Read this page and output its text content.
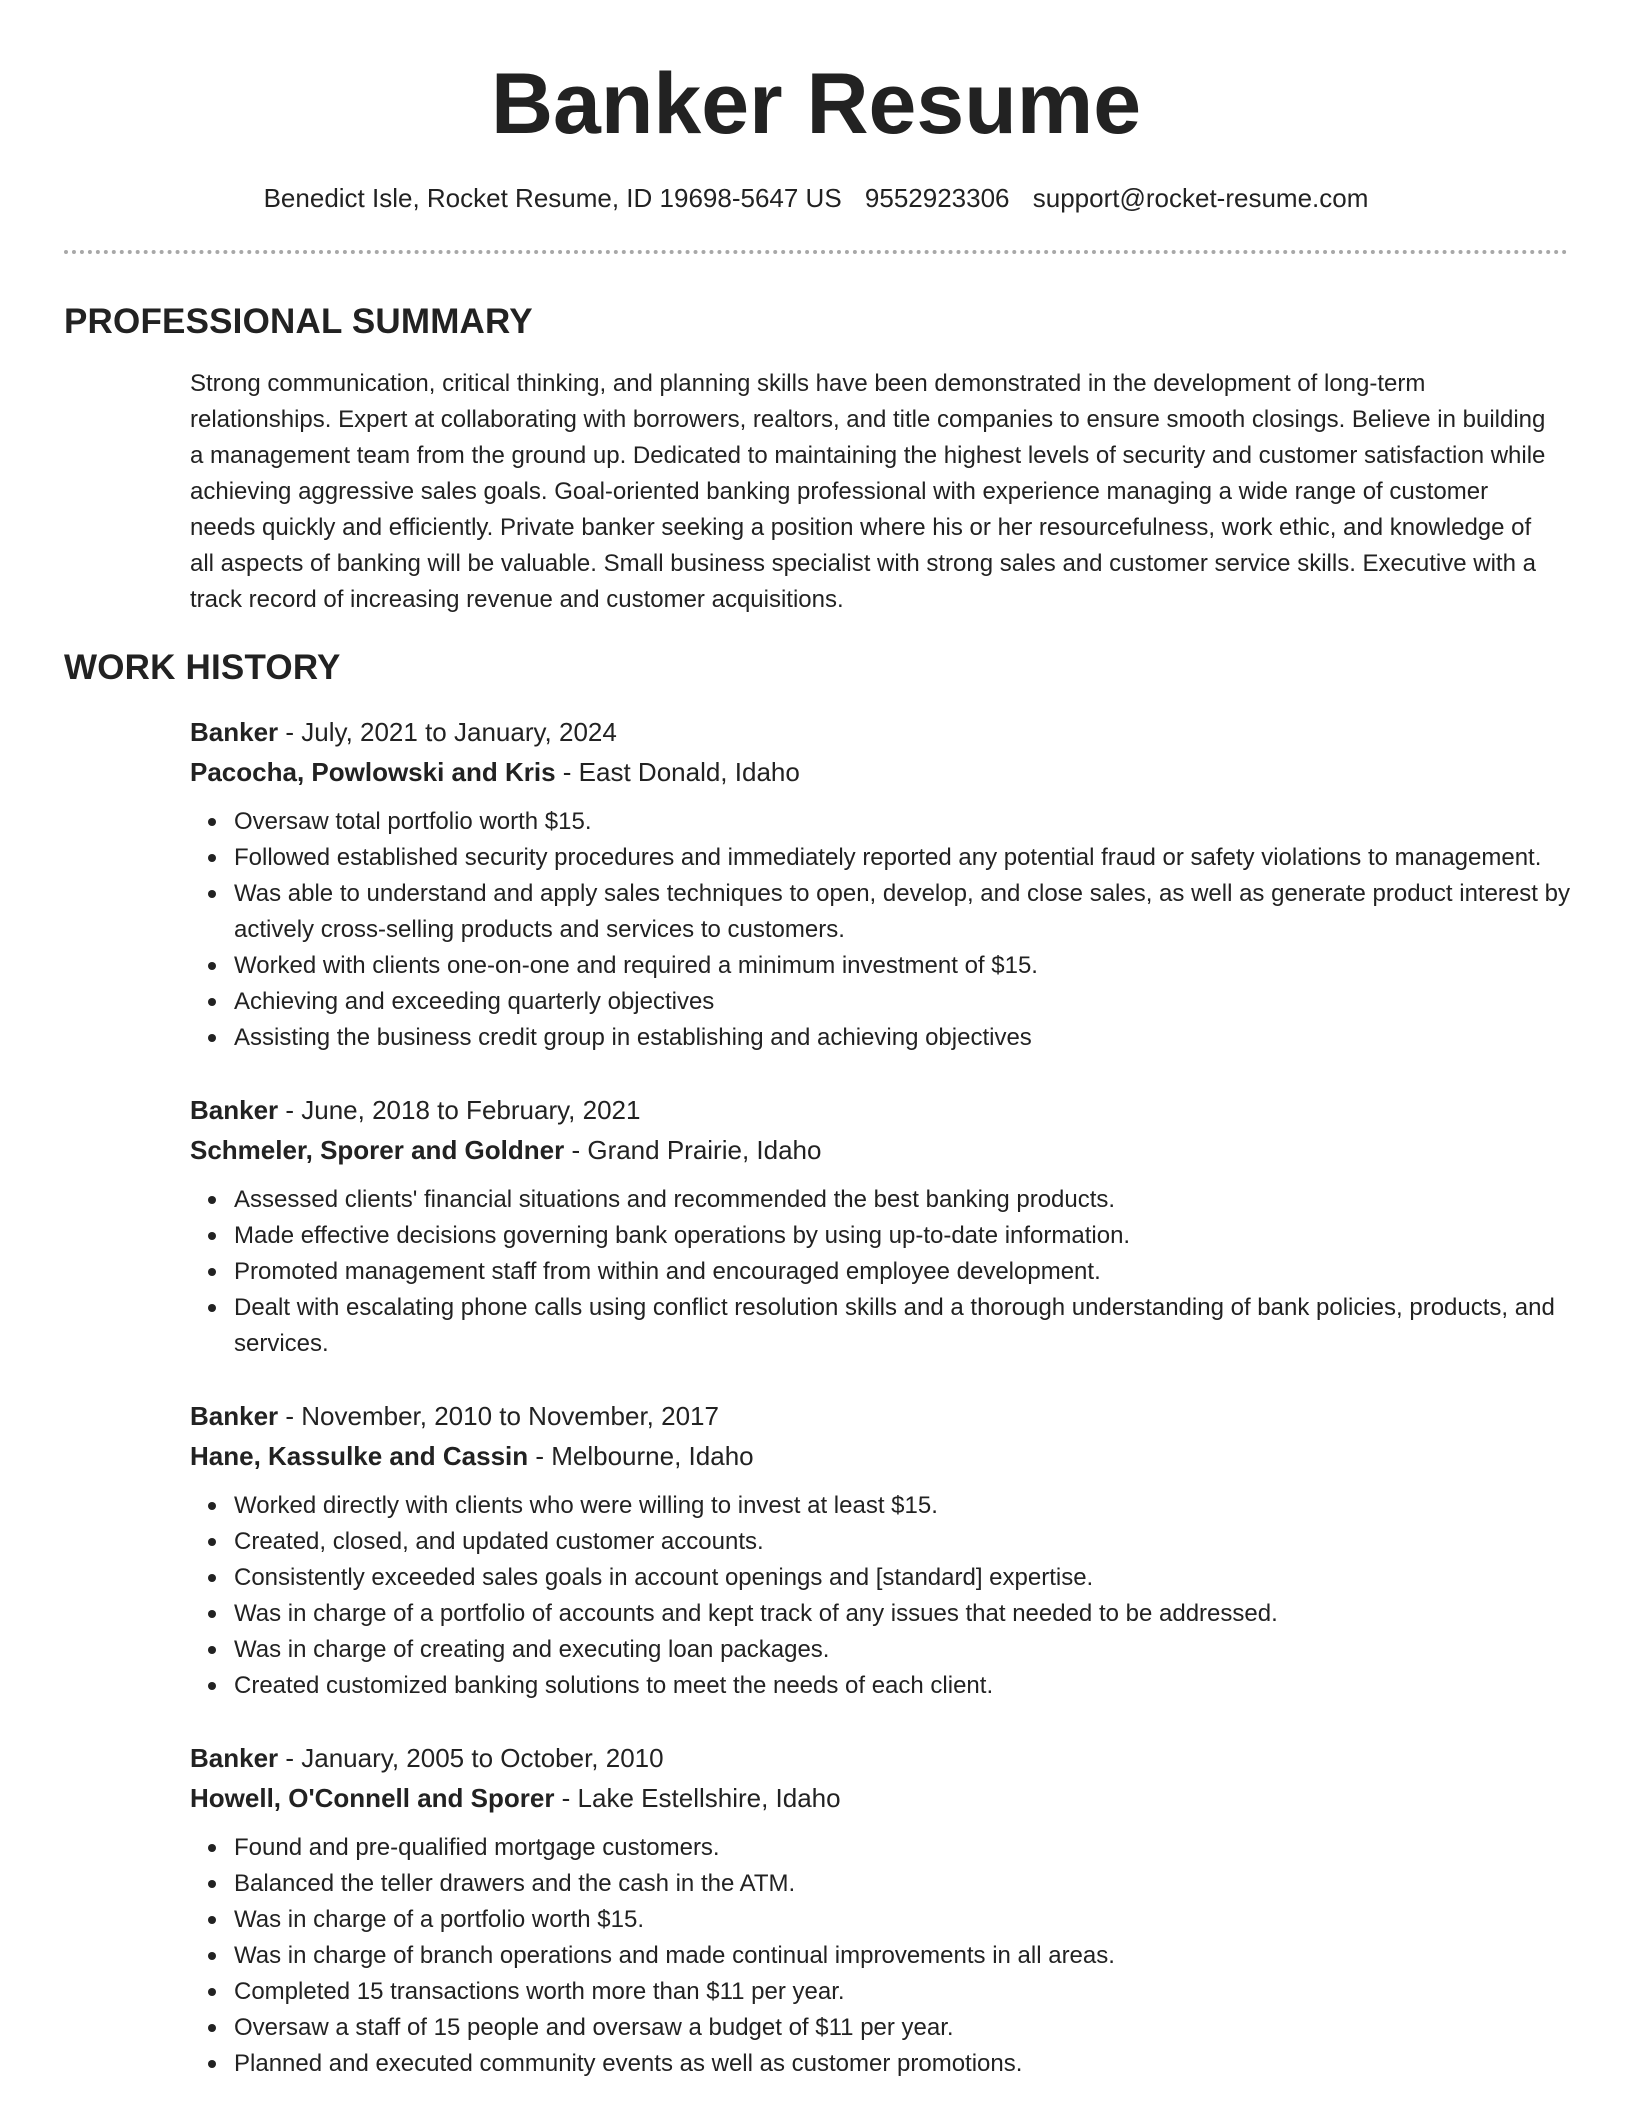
Banker Resume
Benedict Isle, Rocket Resume, ID 19698-5647 US 9552923306 support@rocket-resume.com
PROFESSIONAL SUMMARY

Strong communication, critical thinking, and planning skills have been demonstrated in the development of long-term relationships. Expert at collaborating with borrowers, realtors, and title companies to ensure smooth closings. Believe in building a management team from the ground up. Dedicated to maintaining the highest levels of security and customer satisfaction while achieving aggressive sales goals. Goal-oriented banking professional with experience managing a wide range of customer needs quickly and efficiently. Private banker seeking a position where his or her resourcefulness, work ethic, and knowledge of all aspects of banking will be valuable. Small business specialist with strong sales and customer service skills. Executive with a track record of increasing revenue and customer acquisitions.

WORK HISTORY
Banker - July, 2021 to January, 2024
Pacocha, Powlowski and Kris - East Donald, Idaho
Oversaw total portfolio worth $15.
Followed established security procedures and immediately reported any potential fraud or safety violations to management.
Was able to understand and apply sales techniques to open, develop, and close sales, as well as generate product interest by actively cross-selling products and services to customers.
Worked with clients one-on-one and required a minimum investment of $15.
Achieving and exceeding quarterly objectives
Assisting the business credit group in establishing and achieving objectives
Banker - June, 2018 to February, 2021
Schmeler, Sporer and Goldner - Grand Prairie, Idaho
Assessed clients' financial situations and recommended the best banking products.
Made effective decisions governing bank operations by using up-to-date information.
Promoted management staff from within and encouraged employee development.
Dealt with escalating phone calls using conflict resolution skills and a thorough understanding of bank policies, products, and services.
Banker - November, 2010 to November, 2017
Hane, Kassulke and Cassin - Melbourne, Idaho
Worked directly with clients who were willing to invest at least $15.
Created, closed, and updated customer accounts.
Consistently exceeded sales goals in account openings and [standard] expertise.
Was in charge of a portfolio of accounts and kept track of any issues that needed to be addressed.
Was in charge of creating and executing loan packages.
Created customized banking solutions to meet the needs of each client.
Banker - January, 2005 to October, 2010
Howell, O'Connell and Sporer - Lake Estellshire, Idaho
Found and pre-qualified mortgage customers.
Balanced the teller drawers and the cash in the ATM.
Was in charge of a portfolio worth $15.
Was in charge of branch operations and made continual improvements in all areas.
Completed 15 transactions worth more than $11 per year.
Oversaw a staff of 15 people and oversaw a budget of $11 per year.
Planned and executed community events as well as customer promotions.
